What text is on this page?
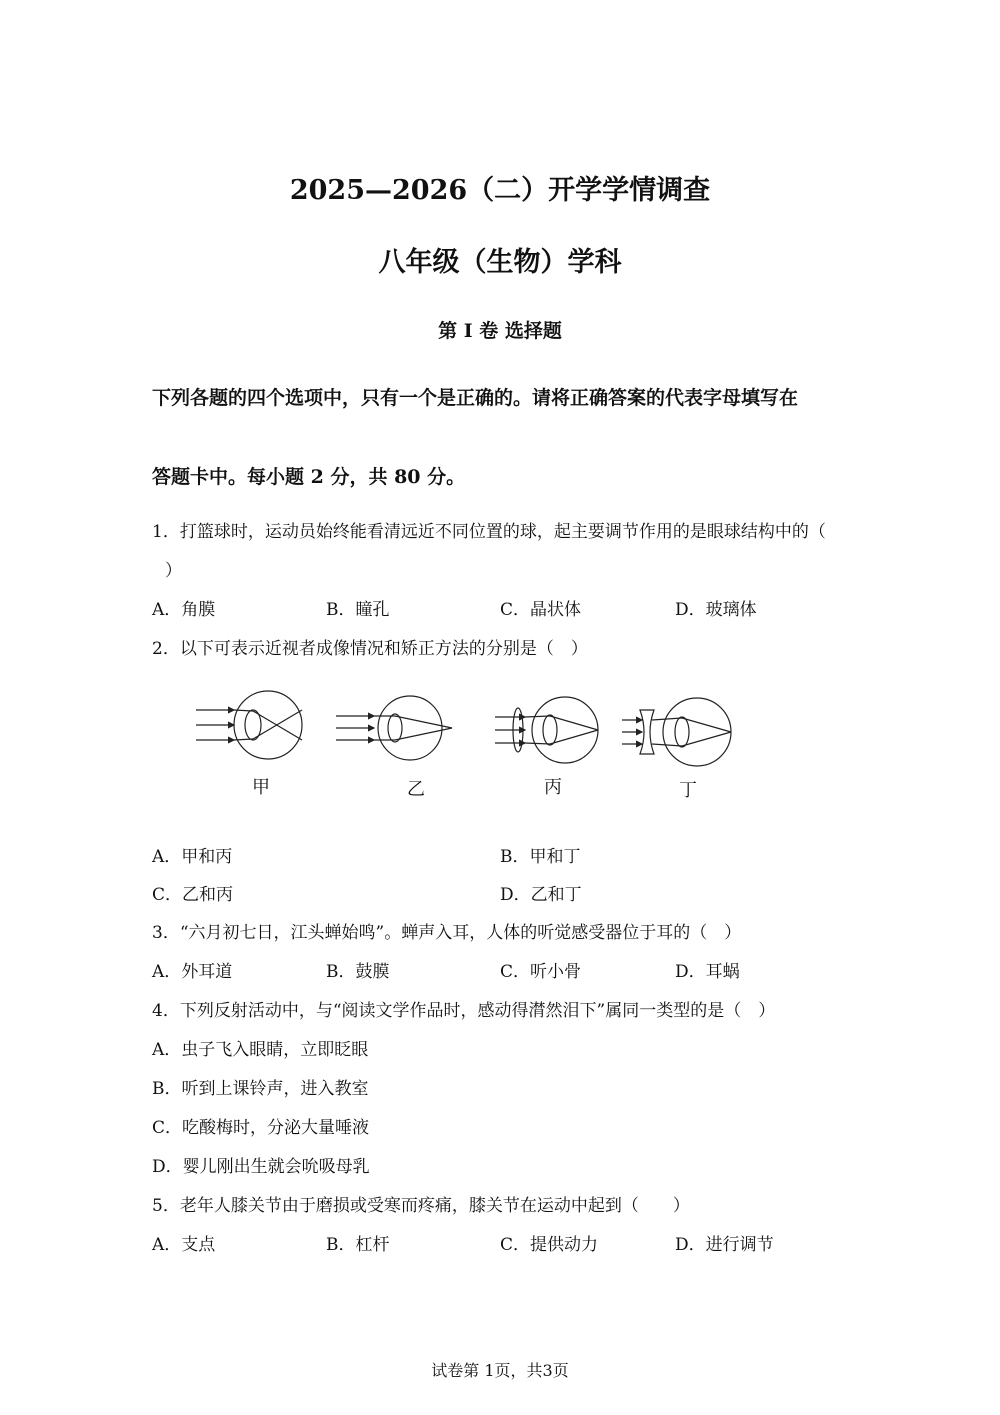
2025—2026（二）开学学情调查
八年级（生物）学科
第 I 卷 选择题
下列各题的四个选项中，只有一个是正确的。请将正确答案的代表字母填写在
答题卡中。每小题 2 分，共 80 分。
1．打篮球时，运动员始终能看清远近不同位置的球，起主要调节作用的是眼球结构中的（
）
A．角膜	B．瞳孔	C．晶状体	D．玻璃体
2．以下可表示近视者成像情况和矫正方法的分别是（　）
甲	乙	丙	丁
A．甲和丙	B．甲和丁
C．乙和丙	D．乙和丁
3．“六月初七日，江头蝉始鸣”。蝉声入耳，人体的听觉感受器位于耳的（　）
A．外耳道	B．鼓膜	C．听小骨	D．耳蜗
4．下列反射活动中，与“阅读文学作品时，感动得潸然泪下”属同一类型的是（　）
A．虫子飞入眼睛，立即眨眼
B．听到上课铃声，进入教室
C．吃酸梅时，分泌大量唾液
D．婴儿刚出生就会吮吸母乳
5．老年人膝关节由于磨损或受寒而疼痛，膝关节在运动中起到（　　）
A．支点	B．杠杆	C．提供动力	D．进行调节
试卷第 1页，共3页
